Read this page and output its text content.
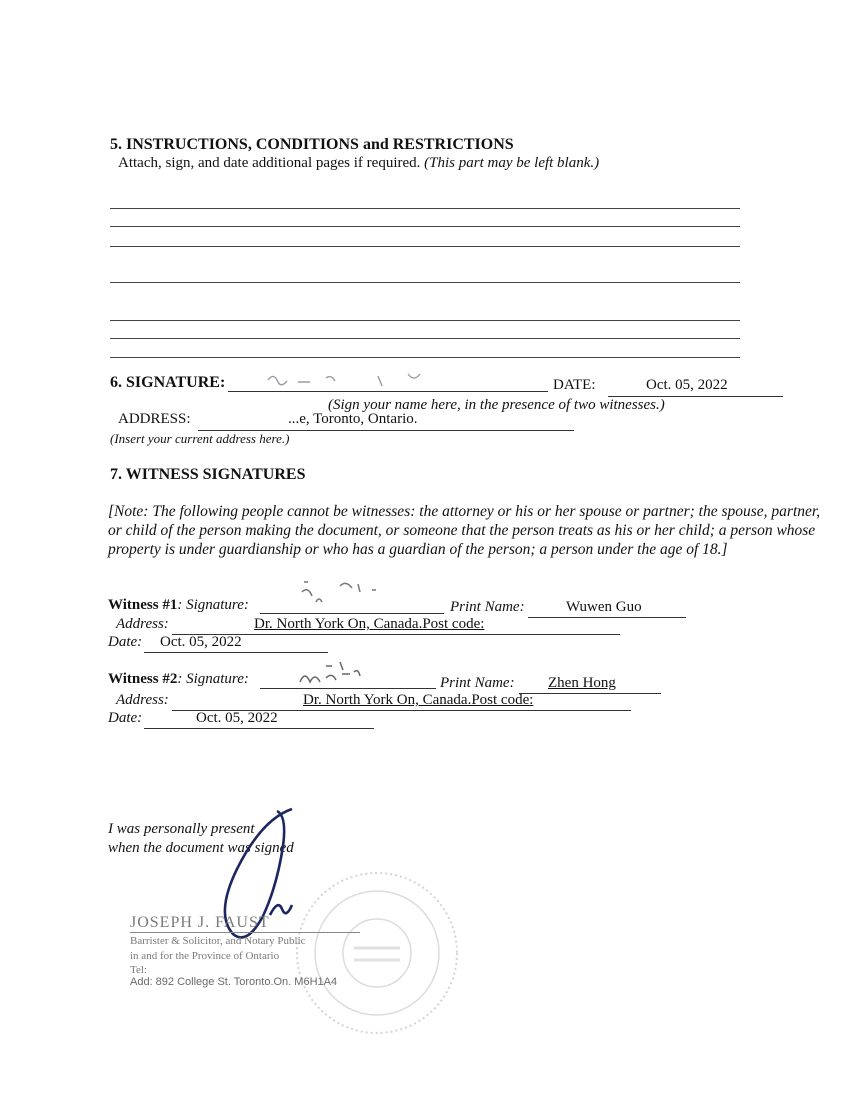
5. INSTRUCTIONS, CONDITIONS and RESTRICTIONS
Attach, sign, and date additional pages if required. (This part may be left blank.)
6. SIGNATURE:	DATE:	Oct. 05, 2022
(Sign your name here, in the presence of two witnesses.)
ADDRESS:	...e, Toronto, Ontario.
(Insert your current address here.)
7. WITNESS SIGNATURES
[Note: The following people cannot be witnesses: the attorney or his or her spouse or partner; the spouse, partner, or child of the person making the document, or someone that the person treats as his or her child; a person whose property is under guardianship or who has a guardian of the person; a person under the age of 18.]
Witness #1: Signature:	Print Name:	Wuwen Guo
Address:	Dr. North York On, Canada.Post code:
Date: Oct. 05, 2022
Witness #2: Signature:	Print Name: Zhen Hong
Address:	Dr. North York On, Canada.Post code:
Date:	Oct. 05, 2022
I was personally present
when the document was signed
JOSEPH J. FAUST
Barrister & Solicitor, and Notary Public
in and for the Province of Ontario
Tel:
Add: 892 College St. Toronto.On. M6H1A4
